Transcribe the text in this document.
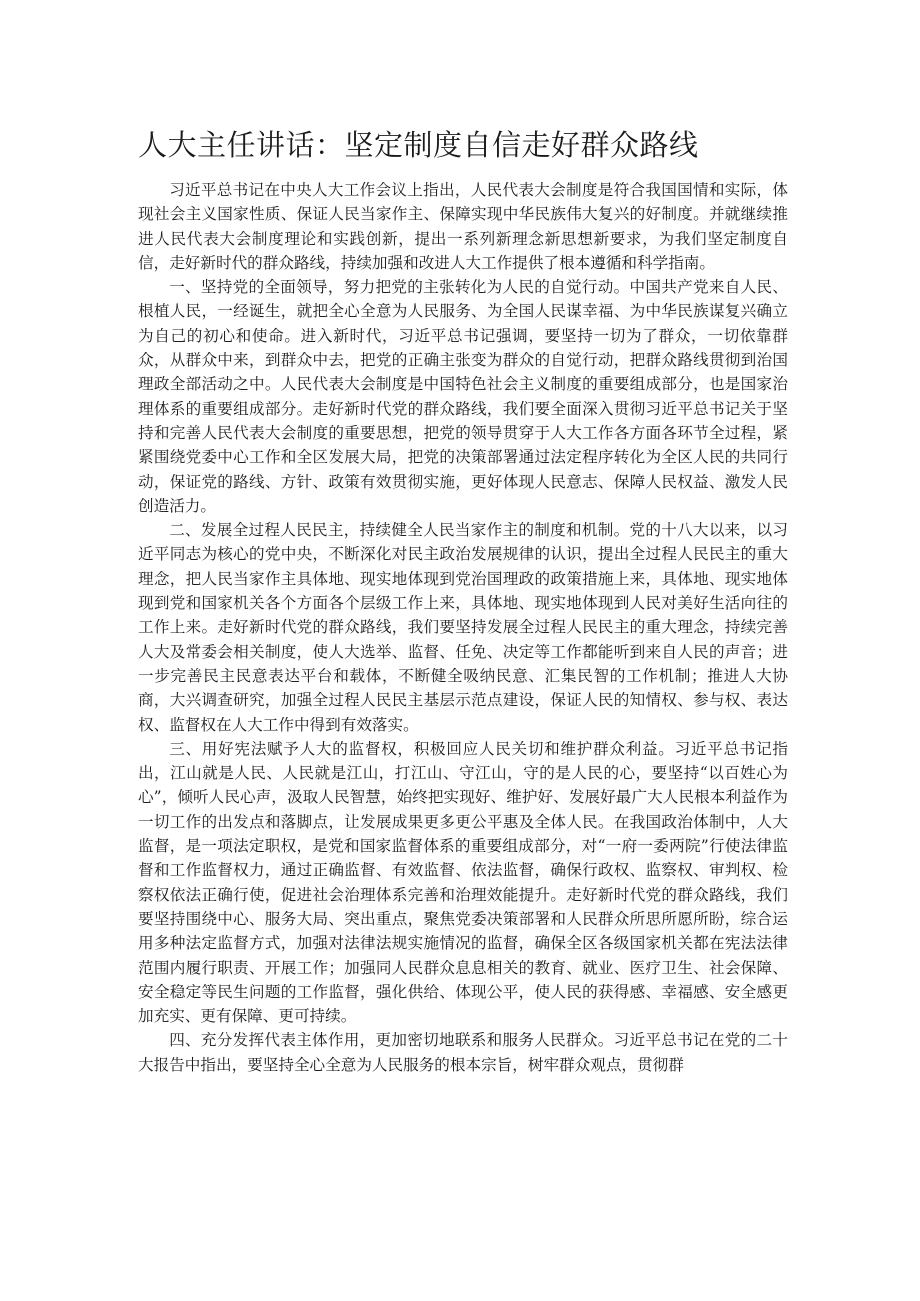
人大主任讲话：坚定制度自信走好群众路线

习近平总书记在中央人大工作会议上指出，人民代表大会制度是符合我国国情和实际，体现社会主义国家性质、保证人民当家作主、保障实现中华民族伟大复兴的好制度。并就继续推进人民代表大会制度理论和实践创新，提出一系列新理念新思想新要求，为我们坚定制度自信，走好新时代的群众路线，持续加强和改进人大工作提供了根本遵循和科学指南。

一、坚持党的全面领导，努力把党的主张转化为人民的自觉行动。中国共产党来自人民、根植人民，一经诞生，就把全心全意为人民服务、为全国人民谋幸福、为中华民族谋复兴确立为自己的初心和使命。进入新时代，习近平总书记强调，要坚持一切为了群众，一切依靠群众，从群众中来，到群众中去，把党的正确主张变为群众的自觉行动，把群众路线贯彻到治国理政全部活动之中。人民代表大会制度是中国特色社会主义制度的重要组成部分，也是国家治理体系的重要组成部分。走好新时代党的群众路线，我们要全面深入贯彻习近平总书记关于坚持和完善人民代表大会制度的重要思想，把党的领导贯穿于人大工作各方面各环节全过程，紧紧围绕党委中心工作和全区发展大局，把党的决策部署通过法定程序转化为全区人民的共同行动，保证党的路线、方针、政策有效贯彻实施，更好体现人民意志、保障人民权益、激发人民创造活力。

二、发展全过程人民民主，持续健全人民当家作主的制度和机制。党的十八大以来，以习近平同志为核心的党中央，不断深化对民主政治发展规律的认识，提出全过程人民民主的重大理念，把人民当家作主具体地、现实地体现到党治国理政的政策措施上来，具体地、现实地体现到党和国家机关各个方面各个层级工作上来，具体地、现实地体现到人民对美好生活向往的工作上来。走好新时代党的群众路线，我们要坚持发展全过程人民民主的重大理念，持续完善人大及常委会相关制度，使人大选举、监督、任免、决定等工作都能听到来自人民的声音；进一步完善民主民意表达平台和载体，不断健全吸纳民意、汇集民智的工作机制；推进人大协商，大兴调查研究，加强全过程人民民主基层示范点建设，保证人民的知情权、参与权、表达权、监督权在人大工作中得到有效落实。

三、用好宪法赋予人大的监督权，积极回应人民关切和维护群众利益。习近平总书记指出，江山就是人民、人民就是江山，打江山、守江山，守的是人民的心，要坚持“以百姓心为心”，倾听人民心声，汲取人民智慧，始终把实现好、维护好、发展好最广大人民根本利益作为一切工作的出发点和落脚点，让发展成果更多更公平惠及全体人民。在我国政治体制中，人大监督，是一项法定职权，是党和国家监督体系的重要组成部分，对“一府一委两院”行使法律监督和工作监督权力，通过正确监督、有效监督、依法监督，确保行政权、监察权、审判权、检察权依法正确行使，促进社会治理体系完善和治理效能提升。走好新时代党的群众路线，我们要坚持围绕中心、服务大局、突出重点，聚焦党委决策部署和人民群众所思所愿所盼，综合运用多种法定监督方式，加强对法律法规实施情况的监督，确保全区各级国家机关都在宪法法律范围内履行职责、开展工作；加强同人民群众息息相关的教育、就业、医疗卫生、社会保障、安全稳定等民生问题的工作监督，强化供给、体现公平，使人民的获得感、幸福感、安全感更加充实、更有保障、更可持续。

四、充分发挥代表主体作用，更加密切地联系和服务人民群众。习近平总书记在党的二十大报告中指出，要坚持全心全意为人民服务的根本宗旨，树牢群众观点，贯彻群
